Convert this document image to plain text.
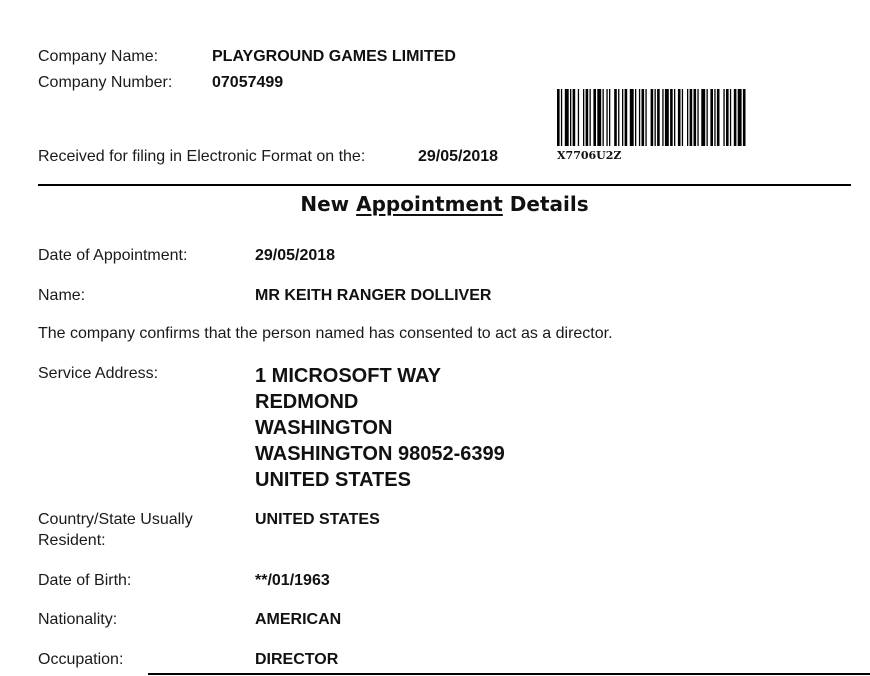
Company Name:	PLAYGROUND GAMES LIMITED
Company Number: 07057499
Received for filing in Electronic Format on the:	29/05/2018	X7706U2Z
New Appointment Details
Date of Appointment:	29/05/2018
Name:	MR KEITH RANGER DOLLIVER
The company confirms that the person named has consented to act as a director.
Service Address:	1 MICROSOFT WAY
REDMOND
WASHINGTON
WASHINGTON 98052-6399
UNITED STATES
Country/State Usually
Resident:
UNITED STATES
Date of Birth:	**/01/1963
Nationality:	AMERICAN
Occupation:	DIRECTOR
